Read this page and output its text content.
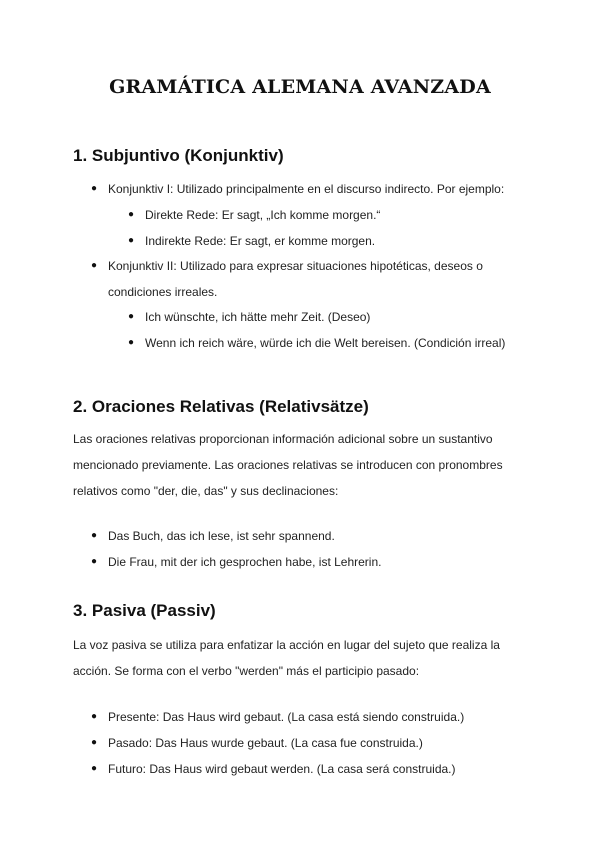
GRAMÁTICA ALEMANA AVANZADA
1. Subjuntivo (Konjunktiv)
● Konjunktiv I: Utilizado principalmente en el discurso indirecto. Por ejemplo:
● Direkte Rede: Er sagt, „Ich komme morgen.“
● Indirekte Rede: Er sagt, er komme morgen.
● Konjunktiv II: Utilizado para expresar situaciones hipotéticas, deseos o
condiciones irreales.
● Ich wünschte, ich hätte mehr Zeit. (Deseo)
● Wenn ich reich wäre, würde ich die Welt bereisen. (Condición irreal)
2. Oraciones Relativas (Relativsätze)

Las oraciones relativas proporcionan información adicional sobre un sustantivo
mencionado previamente. Las oraciones relativas se introducen con pronombres
relativos como "der, die, das" y sus declinaciones:

● Das Buch, das ich lese, ist sehr spannend.
● Die Frau, mit der ich gesprochen habe, ist Lehrerin.
3. Pasiva (Passiv)

La voz pasiva se utiliza para enfatizar la acción en lugar del sujeto que realiza la
acción. Se forma con el verbo "werden" más el participio pasado:

● Presente: Das Haus wird gebaut. (La casa está siendo construida.)
● Pasado: Das Haus wurde gebaut. (La casa fue construida.)
● Futuro: Das Haus wird gebaut werden. (La casa será construida.)
